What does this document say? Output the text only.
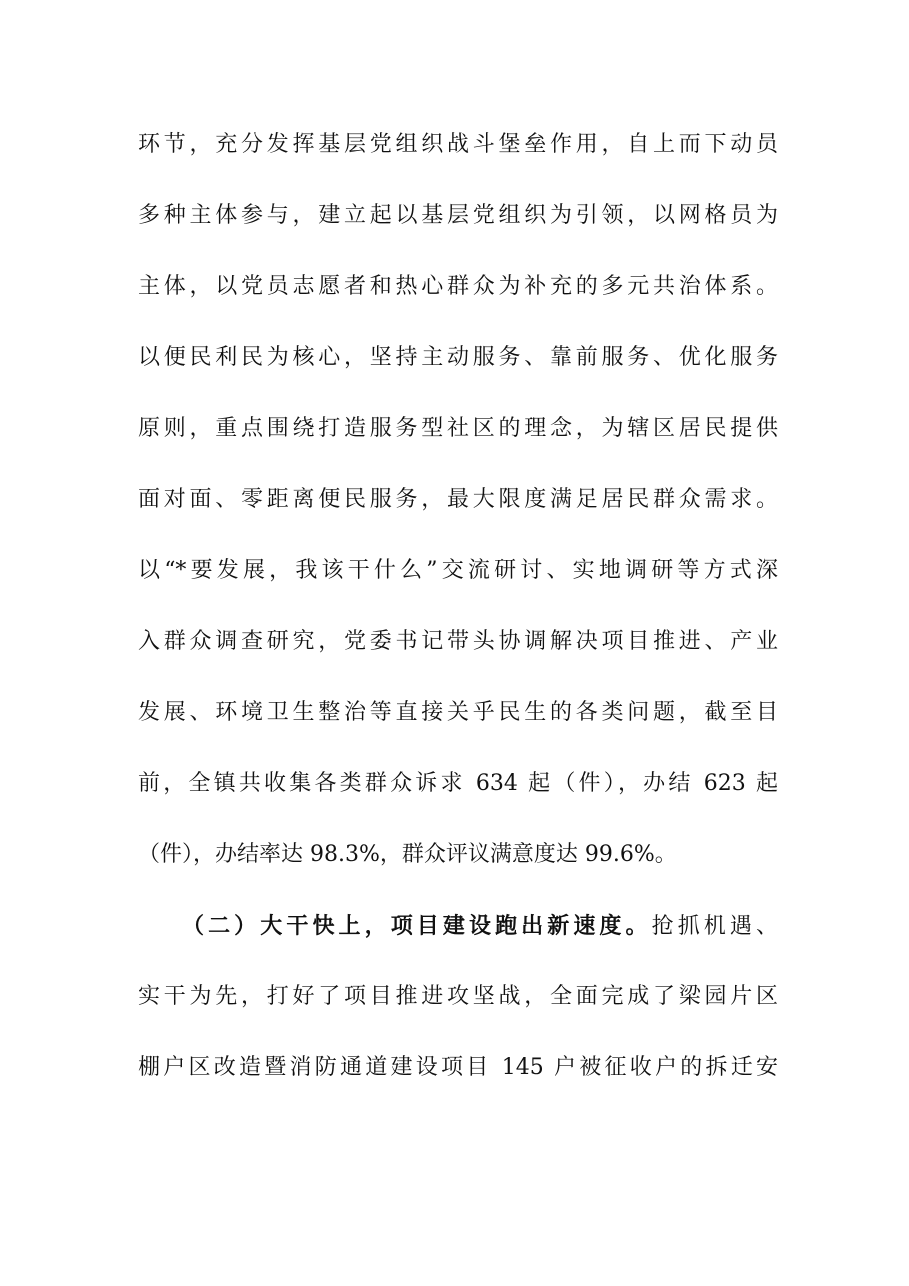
环节，充分发挥基层党组织战斗堡垒作用，自上而下动员
多种主体参与，建立起以基层党组织为引领，以网格员为
主体，以党员志愿者和热心群众为补充的多元共治体系。
以便民利民为核心，坚持主动服务、靠前服务、优化服务
原则，重点围绕打造服务型社区的理念，为辖区居民提供
面对面、零距离便民服务，最大限度满足居民群众需求。
以“*要发展，我该干什么”交流研讨、实地调研等方式深
入群众调查研究，党委书记带头协调解决项目推进、产业
发展、环境卫生整治等直接关乎民生的各类问题，截至目
前，全镇共收集各类群众诉求 634 起（件），办结 623 起
（件），办结率达 98.3%，群众评议满意度达 99.6%。
（二）大干快上，项目建设跑出新速度。抢抓机遇、
实干为先，打好了项目推进攻坚战，全面完成了梁园片区
棚户区改造暨消防通道建设项目 145 户被征收户的拆迁安
